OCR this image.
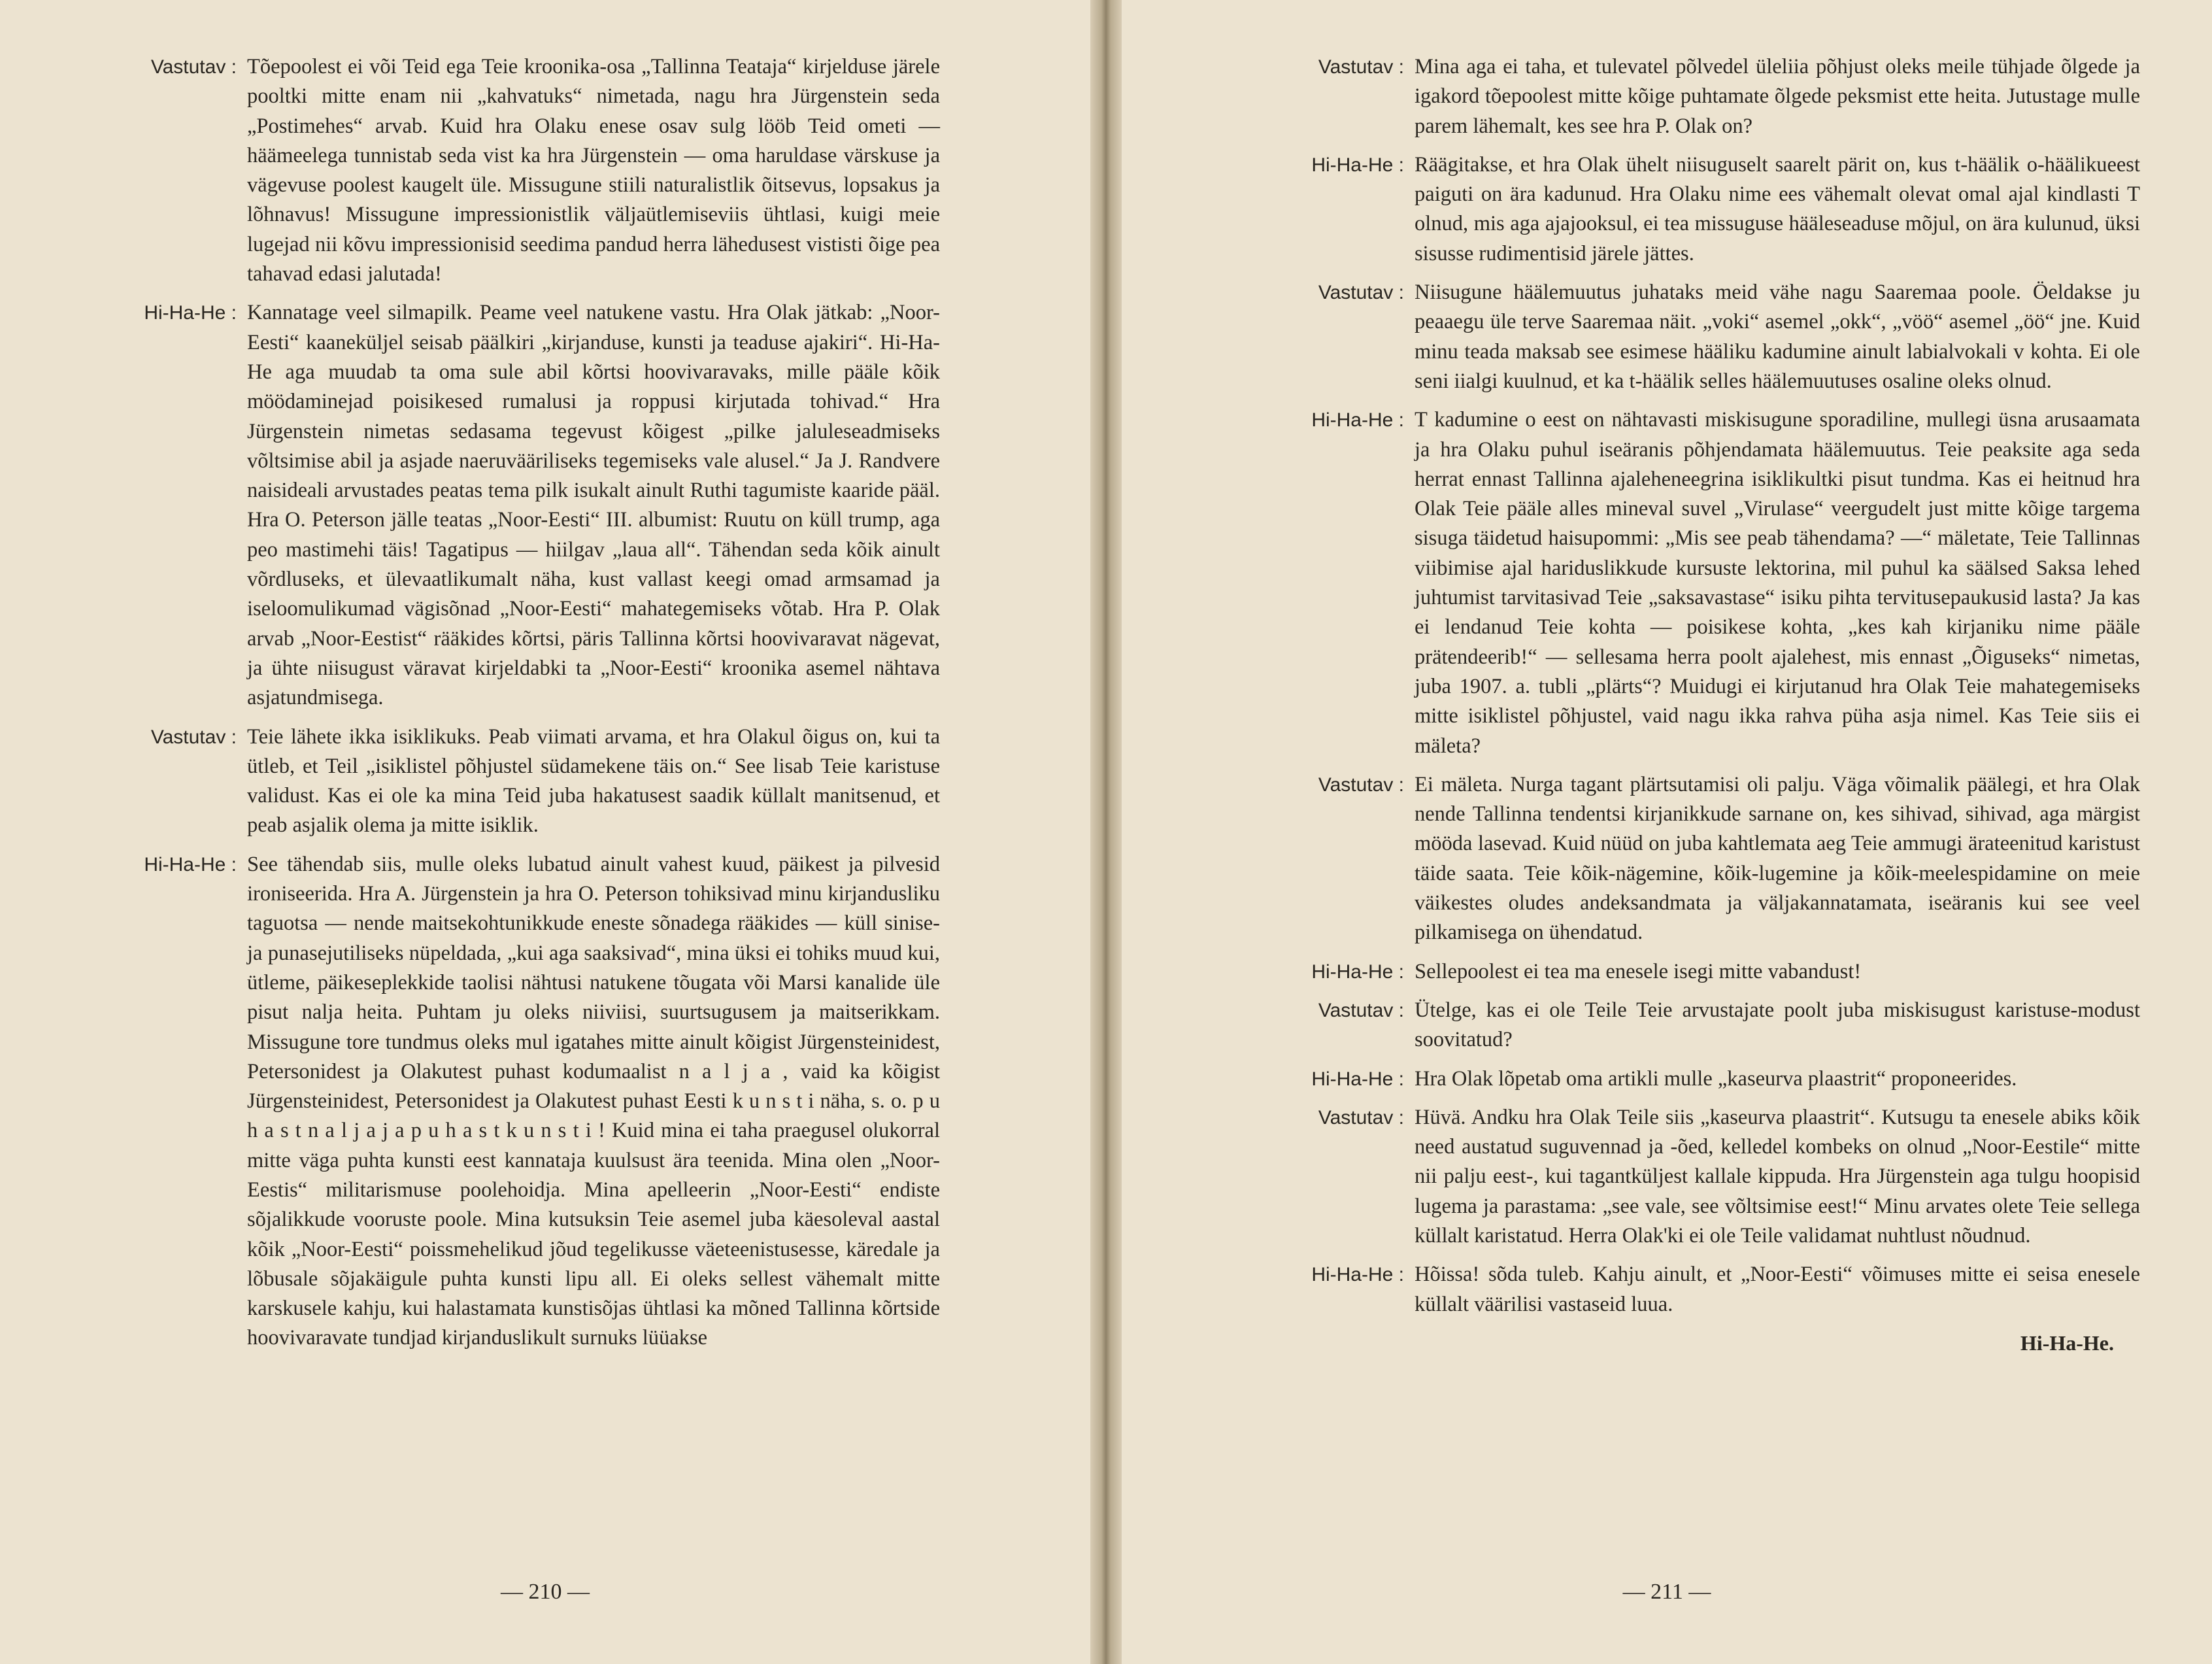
Vastutav : Tõepoolest ei või Teid ega Teie kroonika-osa „Tallinna Teataja“ kirjelduse järele pooltki mitte enam nii „kahvatuks“ nimetada, nagu hra Jürgenstein seda „Postimehes“ arvab. Kuid hra Olaku enese osav sulg lööb Teid ometi — häämeelega tunnistab seda vist ka hra Jürgenstein — oma haruldase värskuse ja vägevuse poolest kaugelt üle. Missugune stiili naturalistlik õitsevus, lopsakus ja lõhnavus! Missugune impressionistlik väljaütlemiseviis ühtlasi, kuigi meie lugejad nii kõvu impressionisid seedima pandud herra lähedusest vististi õige pea tahavad edasi jalutada!
Hi-Ha-He : Kannatage veel silmapilk. Peame veel natukene vastu. Hra Olak jätkab: „Noor-Eesti“ kaaneküljel seisab päälkiri „kirjanduse, kunsti ja teaduse ajakiri“. Hi-Ha-He aga muudab ta oma sule abil kõrtsi hoovivaravaks, mille pääle kõik möödaminejad poisikesed rumalusi ja roppusi kirjutada tohivad.“ Hra Jürgenstein nimetas sedasama tegevust kõigest „pilke jaluleseadmiseks võltsimise abil ja asjade naeruvääriliseks tegemiseks vale alusel.“ Ja J. Randvere naisideali arvustades peatas tema pilk isukalt ainult Ruthi tagumiste kaaride pääl. Hra O. Peterson jälle teatas „Noor-Eesti“ III. albumist: Ruutu on küll trump, aga peo mastimehi täis! Tagatipus — hiilgav „laua all“. Tähendan seda kõik ainult võrdluseks, et ülevaatlikumalt näha, kust vallast keegi omad armsamad ja iseloomulikumad vägisõnad „Noor-Eesti“ mahategemiseks võtab. Hra P. Olak arvab „Noor-Eestist“ rääkides kõrtsi, päris Tallinna kõrtsi hoovivaravat nägevat, ja ühte niisugust väravat kirjeldabki ta „Noor-Eesti“ kroonika asemel nähtava asjatundmisega.
Vastutav : Teie lähete ikka isiklikuks. Peab viimati arvama, et hra Olakul õigus on, kui ta ütleb, et Teil „isiklistel põhjustel südamekene täis on.“ See lisab Teie karistuse validust. Kas ei ole ka mina Teid juba hakatusest saadik küllalt manitsenud, et peab asjalik olema ja mitte isiklik.
Hi-Ha-He : See tähendab siis, mulle oleks lubatud ainult vahest kuud, päikest ja pilvesid ironiseerida. Hra A. Jürgenstein ja hra O. Peterson tohiksivad minu kirjandusliku taguotsa — nende maitsekohtunikkude eneste sõnadega rääkides — küll sinise- ja punasejutiliseks nüpeldada, „kui aga saaksivad“, mina üksi ei tohiks muud kui, ütleme, päikeseplekkide taolisi nähtusi natukene tõugata või Marsi kanalide üle pisut nalja heita. Puhtam ju oleks niiviisi, suurtsugusem ja maitserikkam. Missugune tore tundmus oleks mul igatahes mitte ainult kõigist Jürgensteinidest, Petersonidest ja Olakutest puhast kodumaalist n a l j a , vaid ka kõigist Jürgensteinidest, Petersonidest ja Olakutest puhast Eesti k u n s t i näha, s. o. p u h a s t n a l j a j a p u h a s t k u n s t i ! Kuid mina ei taha praegusel olukorral mitte väga puhta kunsti eest kannataja kuulsust ära teenida. Mina olen „Noor-Eestis“ militarismuse poolehoidja. Mina apelleerin „Noor-Eesti“ endiste sõjalikkude vooruste poole. Mina kutsuksin Teie asemel juba käesoleval aastal kõik „Noor-Eesti“ poissmehelikud jõud tegelikusse väeteenistusesse, käredale ja lõbusale sõjakäigule puhta kunsti lipu all. Ei oleks sellest vähemalt mitte karskusele kahju, kui halastamata kunstisõjas ühtlasi ka mõned Tallinna kõrtside hoovivaravate tundjad kirjanduslikult surnuks lüüakse
— 210 —
Vastutav : Mina aga ei taha, et tulevatel põlvedel üleliia põhjust oleks meile tühjade õlgede ja igakord tõepoolest mitte kõige puhtamate õlgede peksmist ette heita. Jutustage mulle parem lähemalt, kes see hra P. Olak on?
Hi-Ha-He : Räägitakse, et hra Olak ühelt niisuguselt saarelt pärit on, kus t-häälik o-häälikueest paiguti on ära kadunud. Hra Olaku nime ees vähemalt olevat omal ajal kindlasti T olnud, mis aga ajajooksul, ei tea missuguse hääleseaduse mõjul, on ära kulunud, üksi sisusse rudimentisid järele jättes.
Vastutav : Niisugune häälemuutus juhataks meid vähe nagu Saaremaa poole. Öeldakse ju peaaegu üle terve Saaremaa näit. „voki“ asemel „okk“, „vöö“ asemel „öö“ jne. Kuid minu teada maksab see esimese hääliku kadumine ainult labialvokali v kohta. Ei ole seni iialgi kuulnud, et ka t-häälik selles häälemuutuses osaline oleks olnud.
Hi-Ha-He : T kadumine o eest on nähtavasti miskisugune sporadiline, mullegi üsna arusaamata ja hra Olaku puhul iseäranis põhjendamata häälemuutus. Teie peaksite aga seda herrat ennast Tallinna ajaleheneegrina isiklikultki pisut tundma. Kas ei heitnud hra Olak Teie pääle alles mineval suvel „Virulase“ veergudelt just mitte kõige targema sisuga täidetud haisupommi: „Mis see peab tähendama? —“ mäletate, Teie Tallinnas viibimise ajal hariduslikkude kursuste lektorina, mil puhul ka säälsed Saksa lehed juhtumist tarvitasivad Teie „saksavastase“ isiku pihta tervitusepaukusid lasta? Ja kas ei lendanud Teie kohta — poisikese kohta, „kes kah kirjaniku nime pääle prätendeerib!“ — sellesama herra poolt ajalehest, mis ennast „Õiguseks“ nimetas, juba 1907. a. tubli „plärts“? Muidugi ei kirjutanud hra Olak Teie mahategemiseks mitte isiklistel põhjustel, vaid nagu ikka rahva püha asja nimel. Kas Teie siis ei mäleta?
Vastutav : Ei mäleta. Nurga tagant plärtsutamisi oli palju. Väga võimalik päälegi, et hra Olak nende Tallinna tendentsi kirjanikkude sarnane on, kes sihivad, sihivad, aga märgist mööda lasevad. Kuid nüüd on juba kahtlematа aeg Teie ammugi ärateenitud karistust täide saata. Teie kõik-nägemine, kõik-lugemine ja kõik-meelespidamine on meie väikestes oludes andeksandmata ja väljakannatamata, iseäranis kui see veel pilkamisega on ühendatud.
Hi-Ha-He : Sellepoolest ei tea ma enesele isegi mitte vabandust!
Vastutav : Ütelge, kas ei ole Teile Teie arvustajate poolt juba miskisugust karistuse-modust soovitatud?
Hi-Ha-He : Hra Olak lõpetab oma artikli mulle „kaseurva plaastrit“ proponeerides.
Vastutav : Hüvä. Andku hra Olak Teile siis „kaseurva plaastrit“. Kutsugu ta enesele abiks kõik need austatud suguvennad ja -õed, kelledel kombeks on olnud „Noor-Eestile“ mitte nii palju eest-, kui tagantküljest kallale kippuda. Hra Jürgenstein aga tulgu hoopisid lugema ja parastama: „see vale, see võltsimise eest!“ Minu arvates olete Teie sellega küllalt karistatud. Herra Olak'ki ei ole Teile validamat nuhtlust nõudnud.
Hi-Ha-He : Hõissa! sõda tuleb. Kahju ainult, et „Noor-Eesti“ võimuses mitte ei seisa enesele küllalt väärilisi vastaseid luua.
Hi-Ha-He.
— 211 —
